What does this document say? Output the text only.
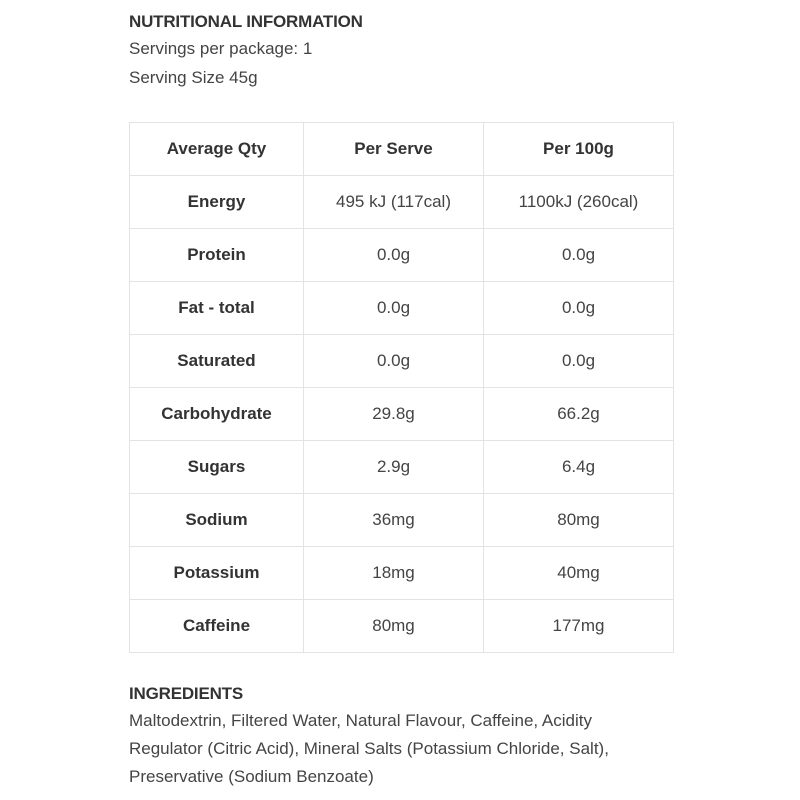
NUTRITIONAL INFORMATION

Servings per package: 1

Serving Size 45g

Average Qty	Per Serve	Per 100g
Energy	495 kJ (117cal)	1100kJ (260cal)
Protein	0.0g	0.0g
Fat - total	0.0g	0.0g
Saturated	0.0g	0.0g
Carbohydrate	29.8g	66.2g
Sugars	2.9g	6.4g
Sodium	36mg	80mg
Potassium	18mg	40mg
Caffeine	80mg	177mg

INGREDIENTS

Maltodextrin, Filtered Water, Natural Flavour, Caffeine, Acidity Regulator (Citric Acid), Mineral Salts (Potassium Chloride, Salt), Preservative (Sodium Benzoate)
